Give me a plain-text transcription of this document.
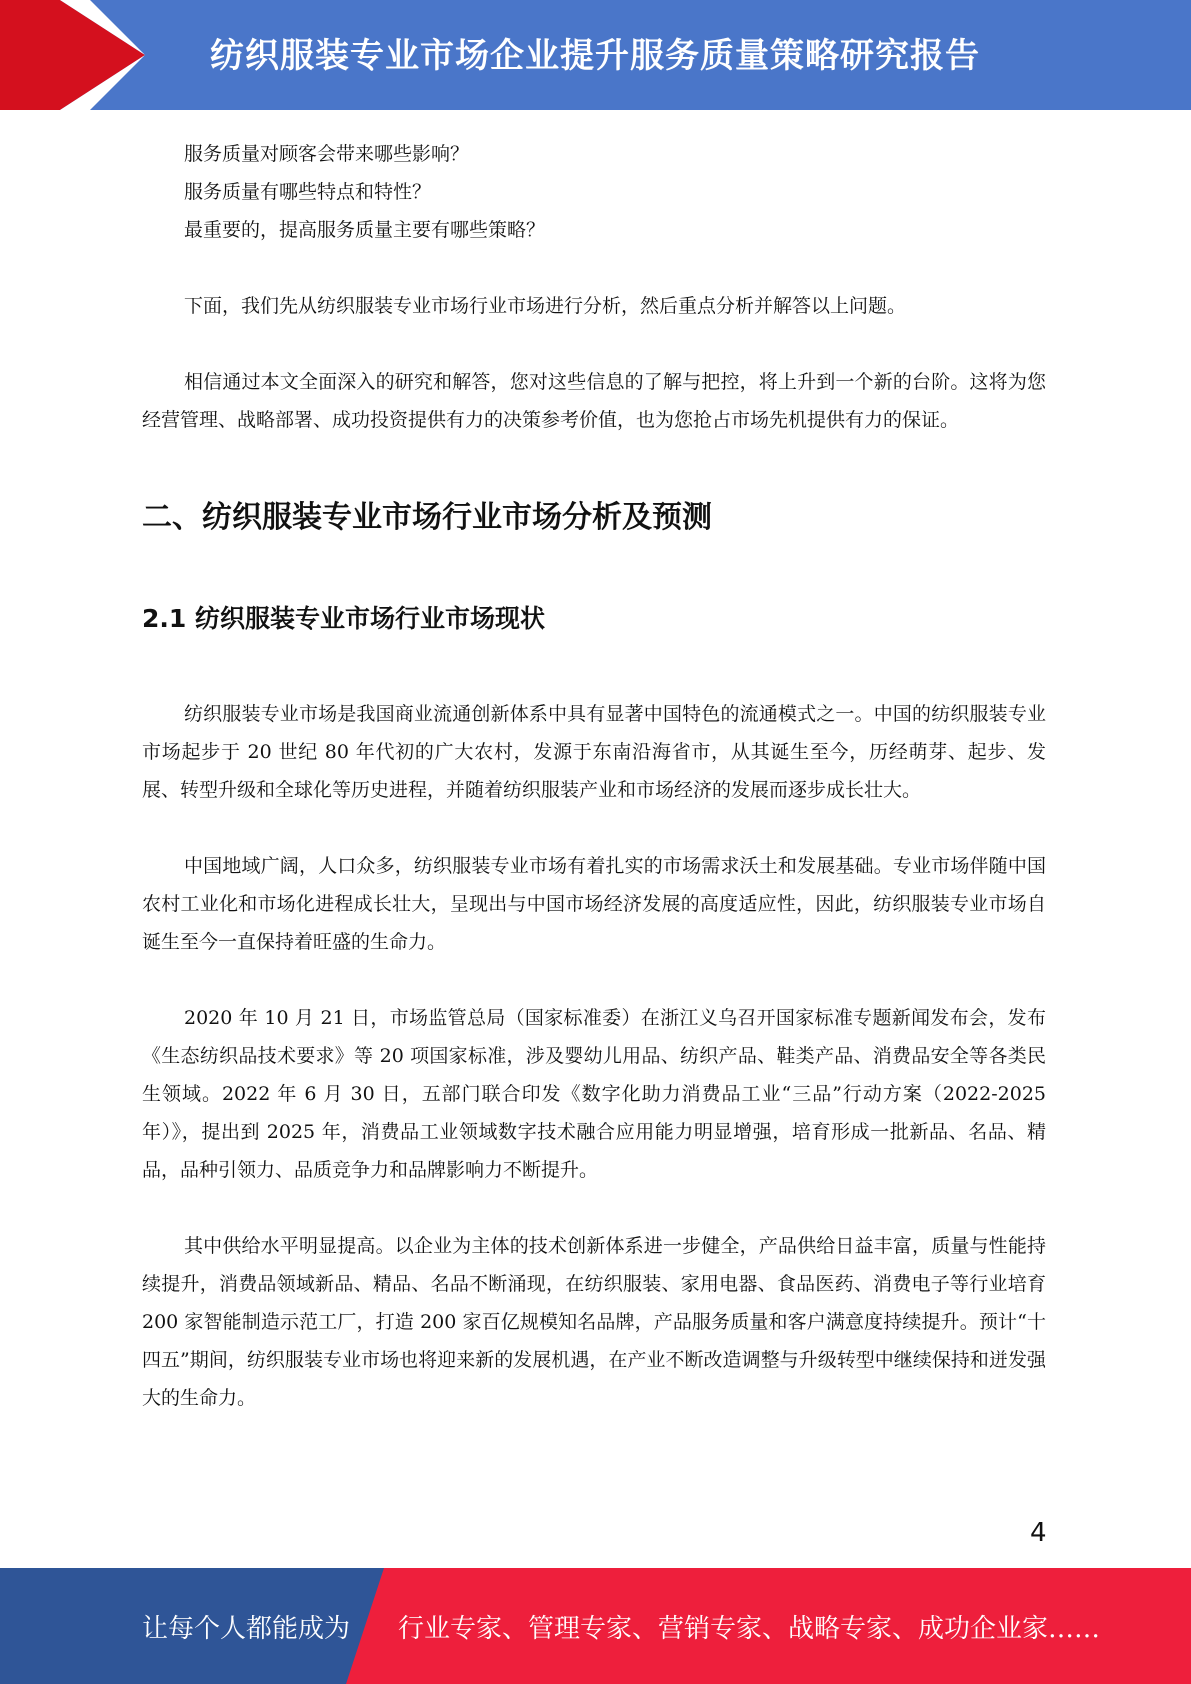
纺织服装专业市场企业提升服务质量策略研究报告

服务质量对顾客会带来哪些影响？

服务质量有哪些特点和特性？

最重要的，提高服务质量主要有哪些策略？

下面，我们先从纺织服装专业市场行业市场进行分析，然后重点分析并解答以上问题。

相信通过本文全面深入的研究和解答，您对这些信息的了解与把控，将上升到一个新的台阶。这将为您经营管理、战略部署、成功投资提供有力的决策参考价值，也为您抢占市场先机提供有力的保证。

二、纺织服装专业市场行业市场分析及预测
2.1 纺织服装专业市场行业市场现状

纺织服装专业市场是我国商业流通创新体系中具有显著中国特色的流通模式之一。中国的纺织服装专业市场起步于 20 世纪 80 年代初的广大农村，发源于东南沿海省市，从其诞生至今，历经萌芽、起步、发展、转型升级和全球化等历史进程，并随着纺织服装产业和市场经济的发展而逐步成长壮大。

中国地域广阔，人口众多，纺织服装专业市场有着扎实的市场需求沃土和发展基础。专业市场伴随中国农村工业化和市场化进程成长壮大，呈现出与中国市场经济发展的高度适应性，因此，纺织服装专业市场自诞生至今一直保持着旺盛的生命力。

2020 年 10 月 21 日，市场监管总局（国家标准委）在浙江义乌召开国家标准专题新闻发布会，发布《生态纺织品技术要求》等 20 项国家标准，涉及婴幼儿用品、纺织产品、鞋类产品、消费品安全等各类民生领域。2022 年 6 月 30 日，五部门联合印发《数字化助力消费品工业“三品”行动方案（2022-2025 年）》，提出到 2025 年，消费品工业领域数字技术融合应用能力明显增强，培育形成一批新品、名品、精品，品种引领力、品质竞争力和品牌影响力不断提升。

其中供给水平明显提高。以企业为主体的技术创新体系进一步健全，产品供给日益丰富，质量与性能持续提升，消费品领域新品、精品、名品不断涌现，在纺织服装、家用电器、食品医药、消费电子等行业培育 200 家智能制造示范工厂，打造 200 家百亿规模知名品牌，产品服务质量和客户满意度持续提升。预计“十四五”期间，纺织服装专业市场也将迎来新的发展机遇，在产业不断改造调整与升级转型中继续保持和迸发强大的生命力。

4
让每个人都能成为 行业专家、管理专家、营销专家、战略专家、成功企业家……
